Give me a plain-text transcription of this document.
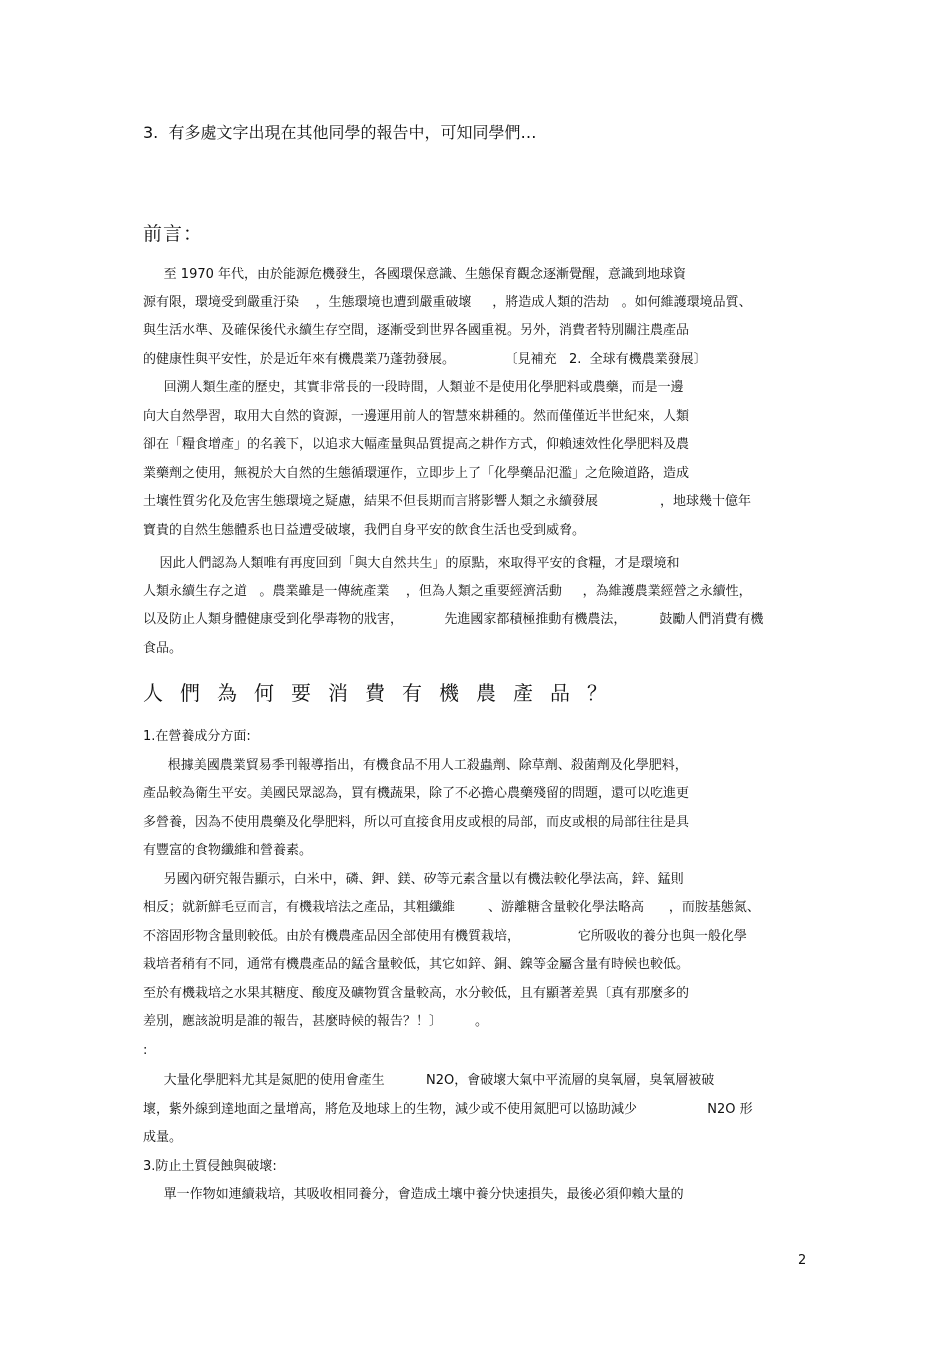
3.  有多處文字出現在其他同學的報告中，可知同學們…

前言：

至 1970 年代，由於能源危機發生，各國環保意識、生態保育觀念逐漸覺醒，意識到地球資

源有限，環境受到嚴重汙染    ，生態環境也遭到嚴重破壞     ，將造成人類的浩劫   。如何維護環境品質、

與生活水準、及確保後代永續生存空間，逐漸受到世界各國重視。另外，消費者特別關注農產品

的健康性與平安性，於是近年來有機農業乃蓬勃發展。            〔見補充   2.  全球有機農業發展〕

回溯人類生產的歷史，其實非常長的一段時間，人類並不是使用化學肥料或農藥，而是一邊

向大自然學習，取用大自然的資源，一邊運用前人的智慧來耕種的。然而僅僅近半世紀來，人類

卻在「糧食增產」的名義下，以追求大幅產量與品質提高之耕作方式，仰賴速效性化學肥料及農

業藥劑之使用，無視於大自然的生態循環運作，立即步上了「化學藥品氾濫」之危險道路，造成

土壤性質劣化及危害生態環境之疑慮，結果不但長期而言將影響人類之永續發展               ，地球幾十億年

寶貴的自然生態體系也日益遭受破壞，我們自身平安的飲食生活也受到威脅。

因此人們認為人類唯有再度回到「與大自然共生」的原點，來取得平安的食糧，才是環境和

人類永續生存之道   。農業雖是一傳統產業    ，但為人類之重要經濟活動     ，為維護農業經營之永續性，

以及防止人類身體健康受到化學毒物的戕害，          先進國家都積極推動有機農法，        鼓勵人們消費有機

食品。

人們為何要消費有機農產品？

1.在營養成分方面:

根據美國農業貿易季刊報導指出，有機食品不用人工殺蟲劑、除草劑、殺菌劑及化學肥料，

產品較為衛生平安。美國民眾認為，買有機蔬果，除了不必擔心農藥殘留的問題，還可以吃進更

多營養，因為不使用農藥及化學肥料，所以可直接食用皮或根的局部，而皮或根的局部往往是具

有豐富的食物纖維和營養素。

另國內研究報告顯示，白米中，磷、鉀、鎂、矽等元素含量以有機法較化學法高，鋅、錳則

相反；就新鮮毛豆而言，有機栽培法之產品，其粗纖維        、游離糖含量較化學法略高      ，而胺基態氮、

不溶固形物含量則較低。由於有機農產品因全部使用有機質栽培，              它所吸收的養分也與一般化學

栽培者稍有不同，通常有機農產品的錳含量較低，其它如鋅、銅、鎳等金屬含量有時候也較低。

至於有機栽培之水果其糖度、酸度及礦物質含量較高，水分較低，且有顯著差異〔真有那麼多的

差別，應該說明是誰的報告，甚麼時候的報告？！〕        。

:

大量化學肥料尤其是氮肥的使用會產生          N2O，會破壞大氣中平流層的臭氧層，臭氧層被破

壞，紫外線到達地面之量增高，將危及地球上的生物，減少或不使用氮肥可以協助減少                 N2O 形

成量。

3.防止土質侵蝕與破壞:

單一作物如連續栽培，其吸收相同養分，會造成土壤中養分快速損失，最後必須仰賴大量的

2
